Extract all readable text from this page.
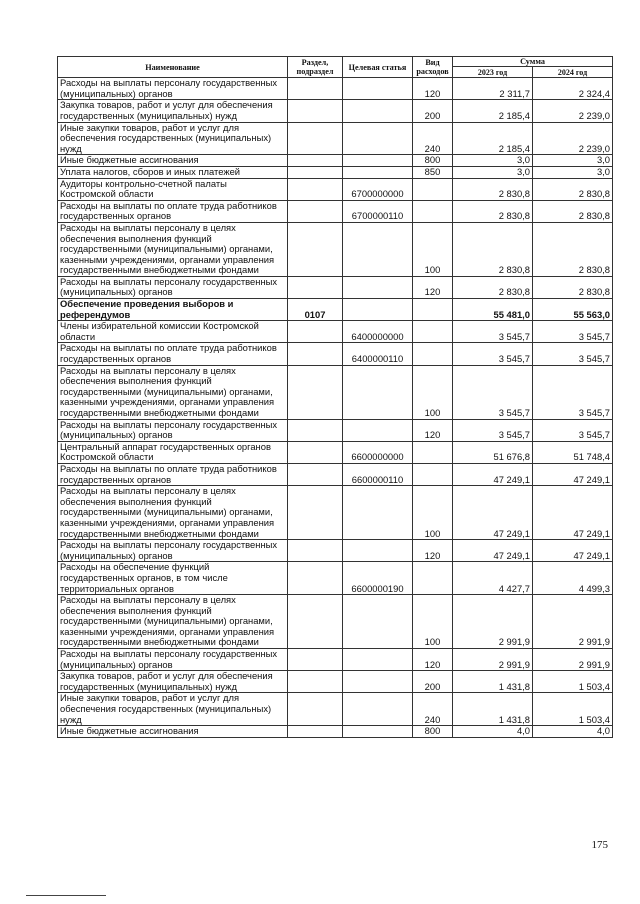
Наименование	Раздел, подраздел	Целевая статья	Вид расходов	Сумма	
				2023 год	2024 год
Расходы на выплаты персоналу государственных (муниципальных) органов			120	2 311,7	2 324,4
Закупка товаров, работ и услуг для обеспечения государственных (муниципальных) нужд			200	2 185,4	2 239,0
Иные закупки товаров, работ и услуг для обеспечения государственных (муниципальных) нужд			240	2 185,4	2 239,0
Иные бюджетные ассигнования			800	3,0	3,0
Уплата налогов, сборов и иных платежей			850	3,0	3,0
Аудиторы контрольно-счетной палаты Костромской области		6700000000		2 830,8	2 830,8
Расходы на выплаты по оплате труда работников государственных органов		6700000110		2 830,8	2 830,8
Расходы на выплаты персоналу в целях обеспечения выполнения функций государственными (муниципальными) органами, казенными учреждениями, органами управления государственными внебюджетными фондами			100	2 830,8	2 830,8
Расходы на выплаты персоналу государственных (муниципальных) органов			120	2 830,8	2 830,8
Обеспечение проведения выборов и референдумов	0107			55 481,0	55 563,0
Члены избирательной комиссии Костромской области		6400000000		3 545,7	3 545,7
Расходы на выплаты по оплате труда работников государственных органов		6400000110		3 545,7	3 545,7
Расходы на выплаты персоналу в целях обеспечения выполнения функций государственными (муниципальными) органами, казенными учреждениями, органами управления государственными внебюджетными фондами			100	3 545,7	3 545,7
Расходы на выплаты персоналу государственных (муниципальных) органов			120	3 545,7	3 545,7
Центральный аппарат государственных органов Костромской области		6600000000		51 676,8	51 748,4
Расходы на выплаты по оплате труда работников государственных органов		6600000110		47 249,1	47 249,1
Расходы на выплаты персоналу в целях обеспечения выполнения функций государственными (муниципальными) органами, казенными учреждениями, органами управления государственными внебюджетными фондами			100	47 249,1	47 249,1
Расходы на выплаты персоналу государственных (муниципальных) органов			120	47 249,1	47 249,1
Расходы на обеспечение функций государственных органов, в том числе территориальных органов		6600000190		4 427,7	4 499,3
Расходы на выплаты персоналу в целях обеспечения выполнения функций государственными (муниципальными) органами, казенными учреждениями, органами управления государственными внебюджетными фондами			100	2 991,9	2 991,9
Расходы на выплаты персоналу государственных (муниципальных) органов			120	2 991,9	2 991,9
Закупка товаров, работ и услуг для обеспечения государственных (муниципальных) нужд			200	1 431,8	1 503,4
Иные закупки товаров, работ и услуг для обеспечения государственных (муниципальных) нужд			240	1 431,8	1 503,4
Иные бюджетные ассигнования			800	4,0	4,0
175
